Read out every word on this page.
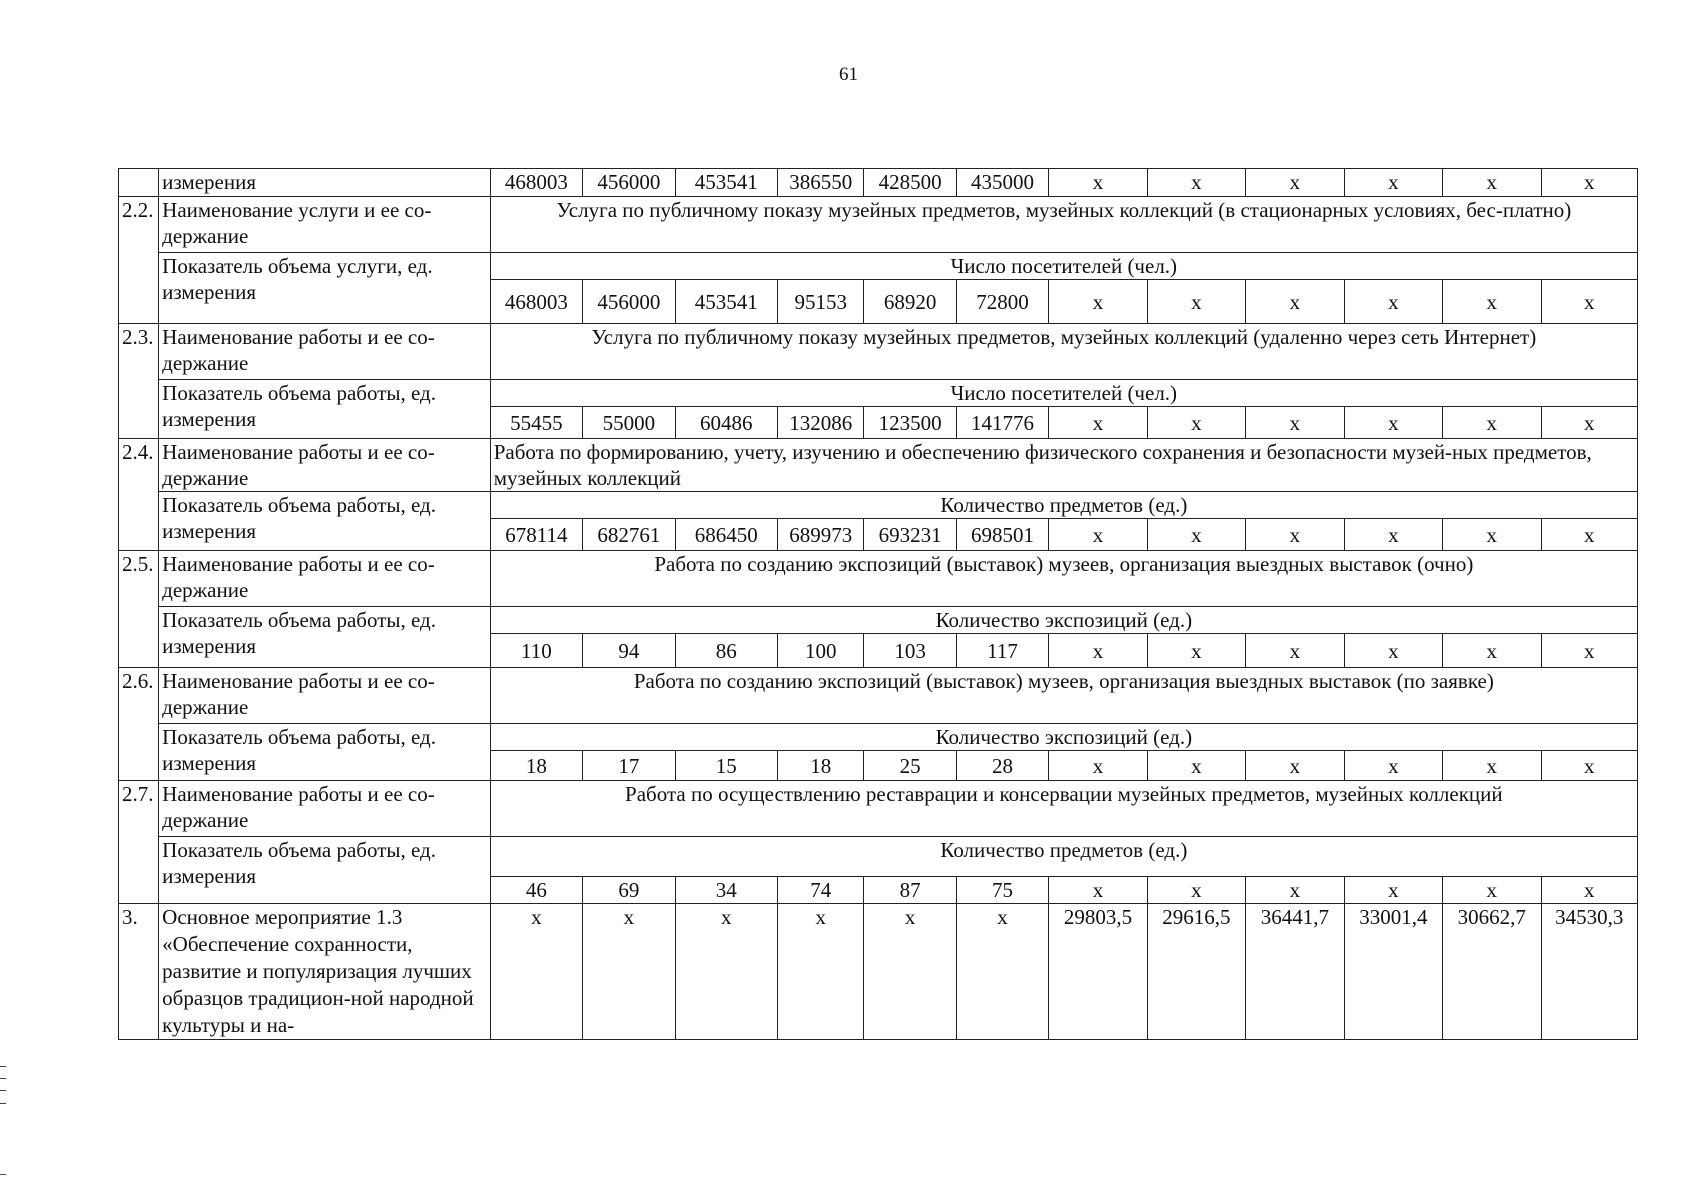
61
	измерения	468003	456000	453541	386550	428500	435000	х	х	х	х	х	х
2.2.	Наименование услуги и ее со-держание	Услуга по публичному показу музейных предметов, музейных коллекций (в стационарных условиях, бес-платно)											
	Показатель объема услуги, ед. измерения	Число посетителей (чел.)											
		468003	456000	453541	95153	68920	72800	х	х	х	х	х	х
2.3.	Наименование работы и ее со-держание	Услуга по публичному показу музейных предметов, музейных коллекций (удаленно через сеть Интернет)											
	Показатель объема работы, ед. измерения	Число посетителей (чел.)											
		55455	55000	60486	132086	123500	141776	х	х	х	х	х	х
2.4.	Наименование работы и ее со-держание	Работа по формированию, учету, изучению и обеспечению физического сохранения и безопасности музей-ных предметов, музейных коллекций											
	Показатель объема работы, ед. измерения	Количество предметов (ед.)											
		678114	682761	686450	689973	693231	698501	х	х	х	х	х	х
2.5.	Наименование работы и ее со-держание	Работа по созданию экспозиций (выставок) музеев, организация выездных выставок (очно)											
	Показатель объема работы, ед. измерения	Количество экспозиций (ед.)											
		110	94	86	100	103	117	х	х	х	х	х	х
2.6.	Наименование работы и ее со-держание	Работа по созданию экспозиций (выставок) музеев, организация выездных выставок (по заявке)											
	Показатель объема работы, ед. измерения	Количество экспозиций (ед.)											
		18	17	15	18	25	28	х	х	х	х	х	х
2.7.	Наименование работы и ее со-держание	Работа по осуществлению реставрации и консервации музейных предметов, музейных коллекций											
	Показатель объема работы, ед. измерения	Количество предметов (ед.)											
		46	69	34	74	87	75	х	х	х	х	х	х
3.	Основное мероприятие 1.3 «Обеспечение сохранности, развитие и популяризация лучших образцов традицион-ной народной культуры и на-	х	х	х	х	х	х	29803,5	29616,5	36441,7	33001,4	30662,7	34530,3
